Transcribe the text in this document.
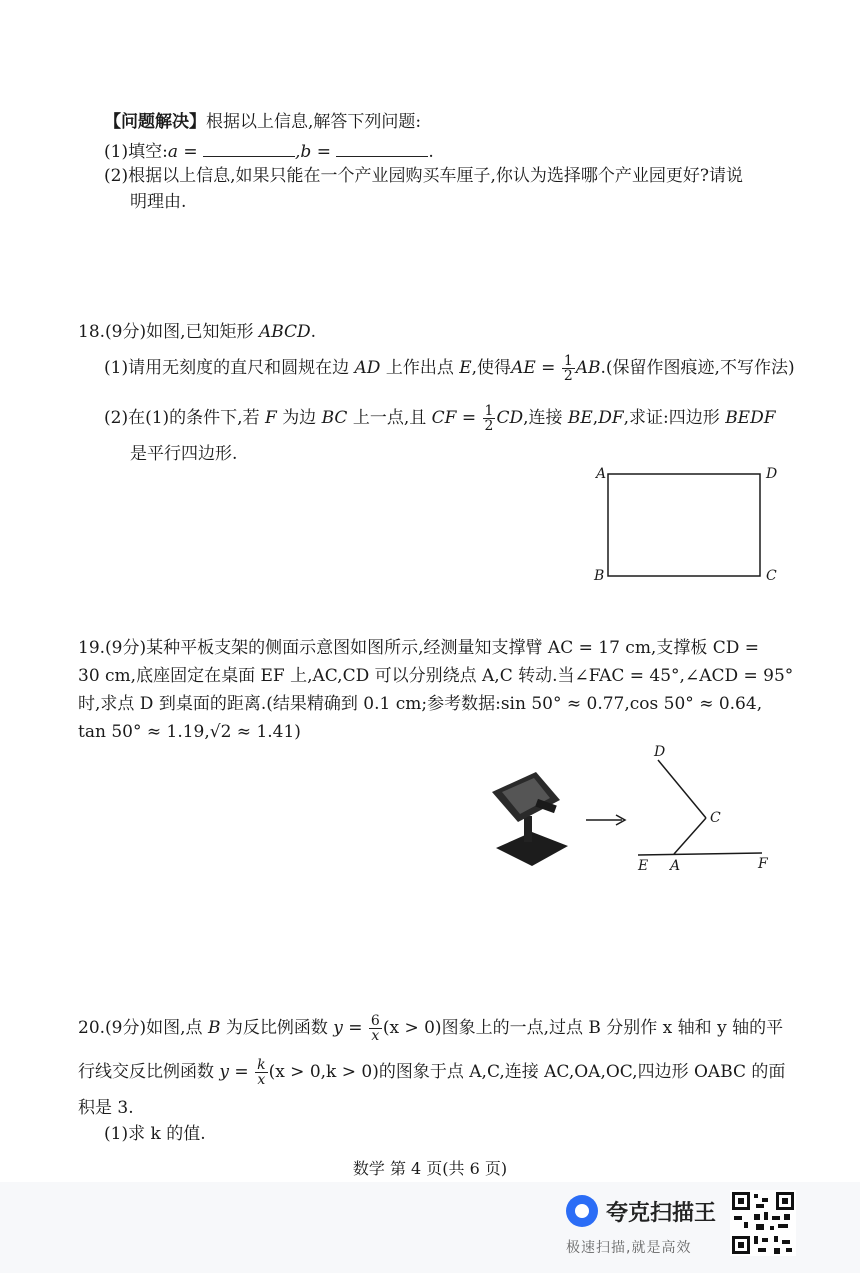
【问题解决】根据以上信息,解答下列问题:
(1)填空:a =	,b =	.
(2)根据以上信息,如果只能在一个产业园购买车厘子,你认为选择哪个产业园更好?请说
明理由.
18.(9分)如图,已知矩形 ABCD.
(1)请用无刻度的直尺和圆规在边 AD 上作出点 E,使得AE = $\frac{1}{2} AB$.(保留作图痕迹,不写作法)
(2)在(1)的条件下,若 F 为边 BC 上一点,且 CF = $\frac{1}{2}$ CD,连接 BE,DF,求证:四边形 BEDF
是平行四边形.
A	D
B	C
19.(9分)某种平板支架的侧面示意图如图所示,经测量知支撑臂 AC = 17 cm,支撑板 CD =
30 cm,底座固定在桌面 EF 上,AC,CD 可以分别绕点 A,C 转动.当∠FAC = 45°,∠ACD = 95°
时,求点 D 到桌面的距离.(结果精确到 0.1 cm;参考数据:sin 50° ≈ 0.77,cos 50° ≈ 0.64,
tan 50° ≈ 1.19,√2 ≈ 1.41)
D
C
E A	F
20.(9分)如图,点 B 为反比例函数 $y = \frac{6}{x} (x > 0)$图象上的一点,过点 B 分别作 x 轴和 y 轴的平
行线交反比例函数 $y = \frac{k}{x} (x > 0,k > 0)$的图象于点 A,C,连接 AC,OA,OC,四边形 OABC 的面
积是 3.
(1)求 k 的值.
数学 第 4 页(共 6 页)
夸克扫描王
极速扫描,就是高效
